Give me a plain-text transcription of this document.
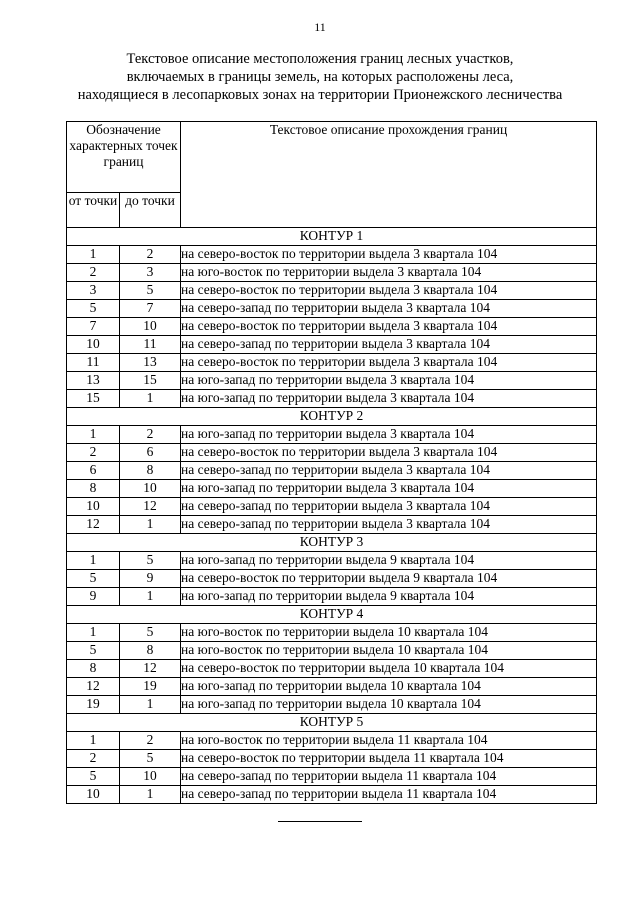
11
Текстовое описание местоположения границ лесных участков,
включаемых в границы земель, на которых расположены леса,
находящиеся в лесопарковых зонах на территории Прионежского лесничества
Обозначение характерных точек границ		Текстовое описание прохождения границ
от точки	до точки	
КОНТУР 1		
1	2	на северо-восток по территории выдела 3 квартала 104
2	3	на юго-восток по территории выдела 3 квартала 104
3	5	на северо-восток по территории выдела 3 квартала 104
5	7	на северо-запад по территории выдела 3 квартала 104
7	10	на северо-восток по территории выдела 3 квартала 104
10	11	на северо-запад по территории выдела 3 квартала 104
11	13	на северо-восток по территории выдела 3 квартала 104
13	15	на юго-запад по территории выдела 3 квартала 104
15	1	на юго-запад по территории выдела 3 квартала 104
КОНТУР 2		
1	2	на юго-запад по территории выдела 3 квартала 104
2	6	на северо-восток по территории выдела 3 квартала 104
6	8	на северо-запад по территории выдела 3 квартала 104
8	10	на юго-запад по территории выдела 3 квартала 104
10	12	на северо-запад по территории выдела 3 квартала 104
12	1	на северо-запад по территории выдела 3 квартала 104
КОНТУР 3		
1	5	на юго-запад по территории выдела 9 квартала 104
5	9	на северо-восток по территории выдела 9 квартала 104
9	1	на юго-запад по территории выдела 9 квартала 104
КОНТУР 4		
1	5	на юго-восток по территории выдела 10 квартала 104
5	8	на юго-восток по территории выдела 10 квартала 104
8	12	на северо-восток по территории выдела 10 квартала 104
12	19	на юго-запад по территории выдела 10 квартала 104
19	1	на юго-запад по территории выдела 10 квартала 104
КОНТУР 5		
1	2	на юго-восток по территории выдела 11 квартала 104
2	5	на северо-восток по территории выдела 11 квартала 104
5	10	на северо-запад по территории выдела 11 квартала 104
10	1	на северо-запад по территории выдела 11 квартала 104
